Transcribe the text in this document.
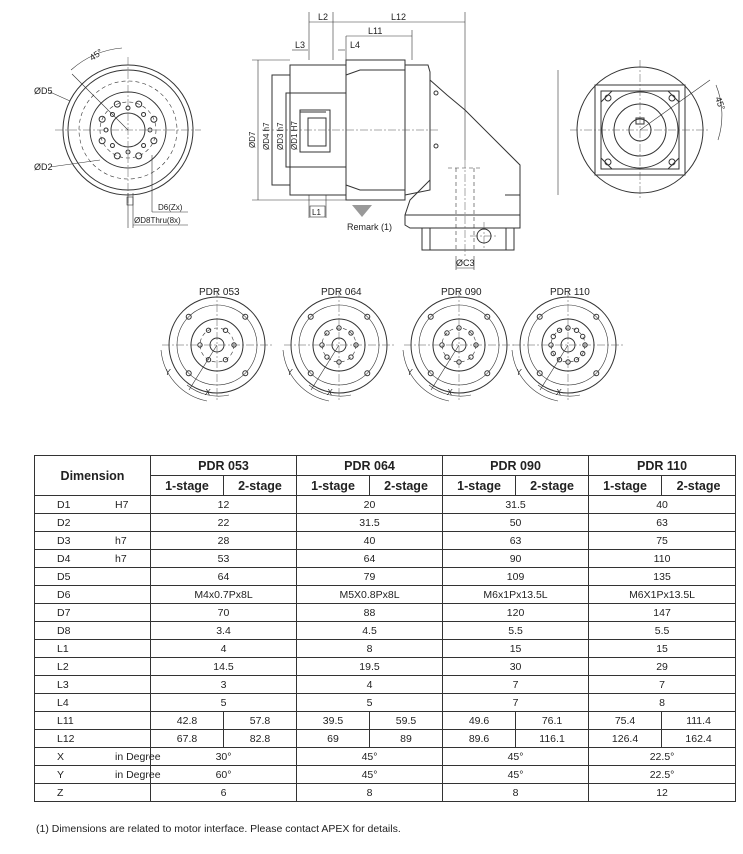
45°
ØD5
ØD2
D6(Zx)
ØD8Thru(8x)
L2	L12
L11
L3	L4
ØD7 ØD4 h7 ØD3 h7 ØD1 H7
L1
Remark (1)
ØC3
45°
PDR 053
Y
X
PDR 064
Y
X
PDR 090
Y
X
PDR 110
Y
X
Dimension	PDR 053		PDR 064		PDR 090		PDR 110	
	1-stage	2-stage	1-stage	2-stage	1-stage	2-stage	1-stage	2-stage
D1 H7	12		20		31.5		40	
D2	22		31.5		50		63	
D3 h7	28		40		63		75	
D4 h7	53		64		90		110	
D5	64		79		109		135	
D6	M4x0.7Px8L		M5X0.8Px8L		M6x1Px13.5L		M6X1Px13.5L	
D7	70		88		120		147	
D8	3.4		4.5		5.5		5.5	
L1	4		8		15		15	
L2	14.5		19.5		30		29	
L3	3		4		7		7	
L4	5		5		7		8	
L11	42.8	57.8	39.5	59.5	49.6	76.1	75.4	111.4
L12	67.8	82.8	69	89	89.6	116.1	126.4	162.4
X in Degree	30°		45°		45°		22.5°	
Y in Degree	60°		45°		45°		22.5°	
Z	6		8		8		12	
(1) Dimensions are related to motor interface. Please contact APEX for details.
